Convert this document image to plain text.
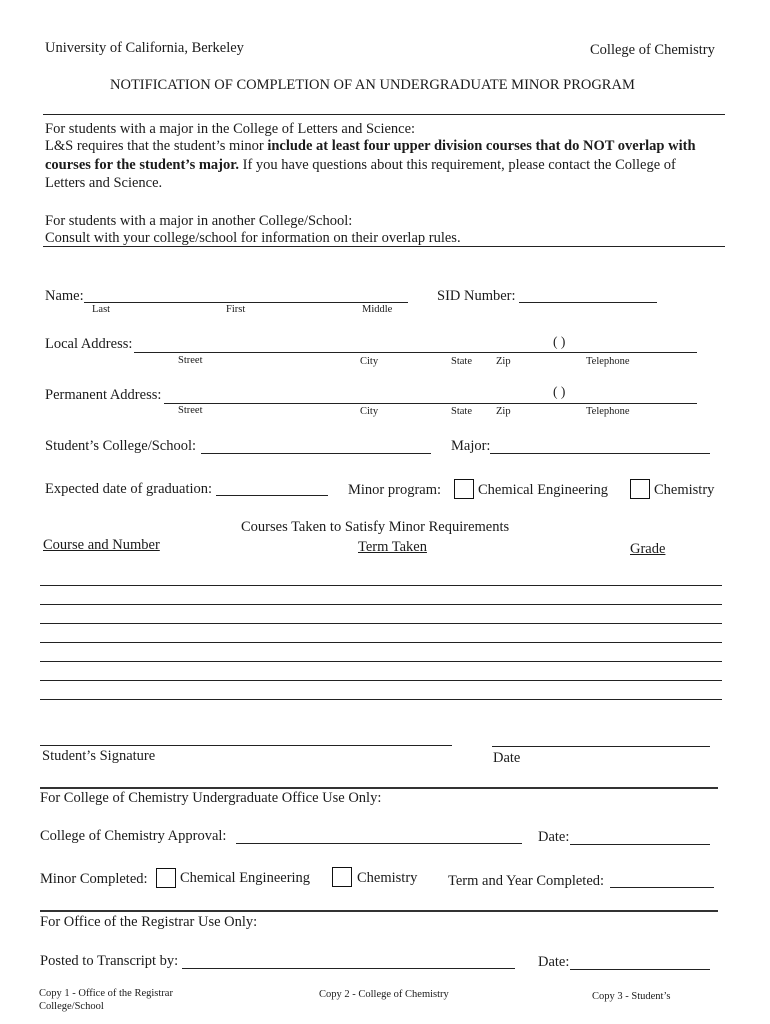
University of California, Berkeley	College of Chemistry
NOTIFICATION OF COMPLETION OF AN UNDERGRADUATE MINOR PROGRAM
For students with a major in the College of Letters and Science:
L&S requires that the student’s minor include at least four upper division courses that do NOT overlap with
courses for the student’s major. If you have questions about this requirement, please contact the College of
Letters and Science.
For students with a major in another College/School:
Consult with your college/school for information on their overlap rules.
Name:
Last	First	Middle
SID Number:
Local Address:	( )
Street	City	State Zip	Telephone
Permanent Address:	( )
Street	City	State Zip	Telephone
Student’s College/School:	Major:
Expected date of graduation:	Minor program:	Chemical Engineering	Chemistry
Courses Taken to Satisfy Minor Requirements
Course and Number	Term Taken	Grade
Student’s Signature	Date
For College of Chemistry Undergraduate Office Use Only:
College of Chemistry Approval:	Date:
Minor Completed: Chemical Engineering	Chemistry Term and Year Completed:
For Office of the Registrar Use Only:
Posted to Transcript by:	Date:
Copy 1 - Office of the Registrar
College/School
Copy 2 - College of Chemistry	Copy 3 - Student’s
